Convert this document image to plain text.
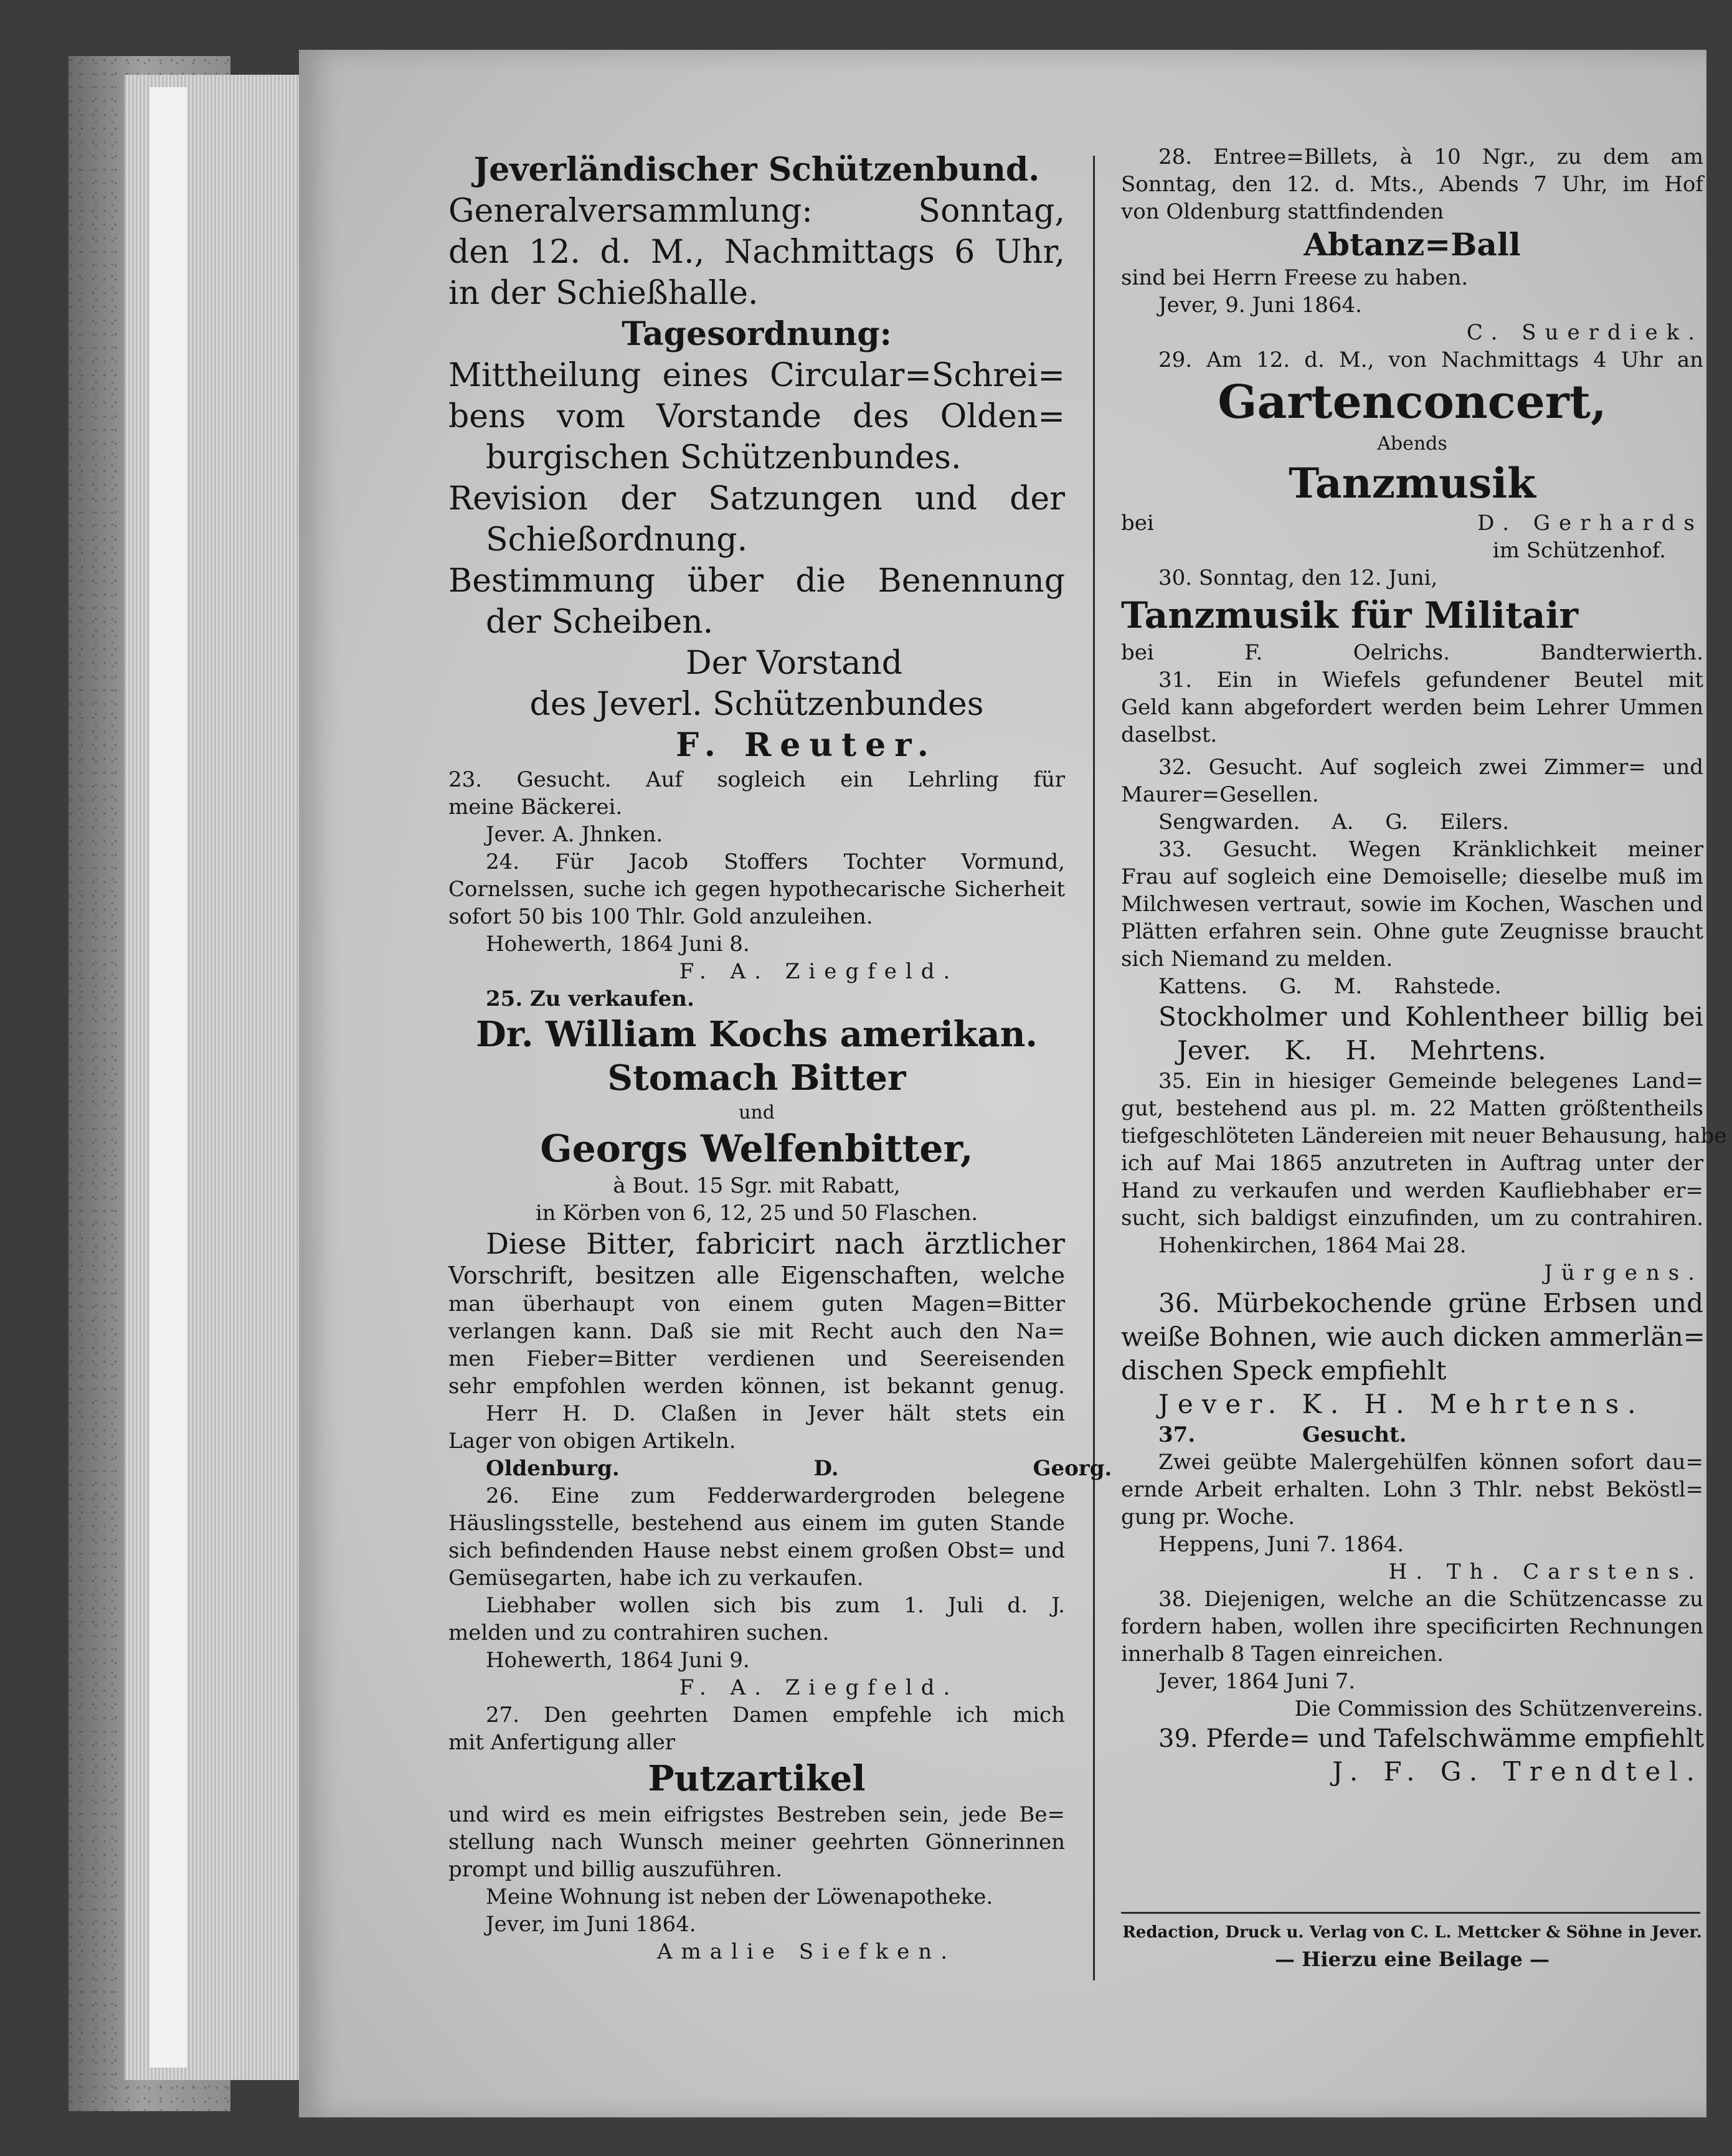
Jeverländischer Schützenbund.
Generalversammlung: Sonntag,
den 12. d. M., Nachmittags 6 Uhr,
in der Schießhalle.
Tagesordnung:
Mittheilung eines Circular=Schrei=
bens vom Vorstande des Olden=
burgischen Schützenbundes.
Revision der Satzungen und der
Schießordnung.
Bestimmung über die Benennung
der Scheiben.
Der Vorstand
des Jeverl. Schützenbundes
F. Reuter.
23. Gesucht. Auf sogleich ein Lehrling für
meine Bäckerei.
Jever. A. Jhnken.
24. Für Jacob Stoffers Tochter Vormund,
Cornelssen, suche ich gegen hypothecarische Sicherheit
sofort 50 bis 100 Thlr. Gold anzuleihen.
Hohewerth, 1864 Juni 8.
F. A. Ziegfeld.
25. Zu verkaufen.
Dr. William Kochs amerikan.
Stomach Bitter
und
Georgs Welfenbitter,
à Bout. 15 Sgr. mit Rabatt,
in Körben von 6, 12, 25 und 50 Flaschen.
Diese Bitter, fabricirt nach ärztlicher
Vorschrift, besitzen alle Eigenschaften, welche
man überhaupt von einem guten Magen=Bitter
verlangen kann. Daß sie mit Recht auch den Na=
men Fieber=Bitter verdienen und Seereisenden
sehr empfohlen werden können, ist bekannt genug.
Herr H. D. Claßen in Jever hält stets ein
Lager von obigen Artikeln.
Oldenburg. D. Georg.
26. Eine zum Fedderwardergroden belegene
Häuslingsstelle, bestehend aus einem im guten Stande
sich befindenden Hause nebst einem großen Obst= und
Gemüsegarten, habe ich zu verkaufen.
Liebhaber wollen sich bis zum 1. Juli d. J.
melden und zu contrahiren suchen.
Hohewerth, 1864 Juni 9.
F. A. Ziegfeld.
27. Den geehrten Damen empfehle ich mich
mit Anfertigung aller
Putzartikel
und wird es mein eifrigstes Bestreben sein, jede Be=
stellung nach Wunsch meiner geehrten Gönnerinnen
prompt und billig auszuführen.
Meine Wohnung ist neben der Löwenapotheke.
Jever, im Juni 1864.
Amalie Siefken.
28. Entree=Billets, à 10 Ngr., zu dem am
Sonntag, den 12. d. Mts., Abends 7 Uhr, im Hof
von Oldenburg stattfindenden
Abtanz=Ball
sind bei Herrn Freese zu haben.
Jever, 9. Juni 1864.
C. Suerdiek.
29. Am 12. d. M., von Nachmittags 4 Uhr an
Gartenconcert,
Abends
Tanzmusik
bei	D. Gerhards
im Schützenhof.
30. Sonntag, den 12. Juni,
Tanzmusik für Militair
bei F. Oelrichs. Bandterwierth.
31. Ein in Wiefels gefundener Beutel mit
Geld kann abgefordert werden beim Lehrer Ummen
daselbst.
32. Gesucht. Auf sogleich zwei Zimmer= und
Maurer=Gesellen.
Sengwarden. A. G. Eilers.
33. Gesucht. Wegen Kränklichkeit meiner
Frau auf sogleich eine Demoiselle; dieselbe muß im
Milchwesen vertraut, sowie im Kochen, Waschen und
Plätten erfahren sein. Ohne gute Zeugnisse braucht
sich Niemand zu melden.
Kattens. G. M. Rahstede.
Stockholmer und Kohlentheer billig bei
Jever. K. H. Mehrtens.
35. Ein in hiesiger Gemeinde belegenes Land=
gut, bestehend aus pl. m. 22 Matten größtentheils
tiefgeschlöteten Ländereien mit neuer Behausung, habe
ich auf Mai 1865 anzutreten in Auftrag unter der
Hand zu verkaufen und werden Kaufliebhaber er=
sucht, sich baldigst einzufinden, um zu contrahiren.
Hohenkirchen, 1864 Mai 28.
Jürgens.
36. Mürbekochende grüne Erbsen und
weiße Bohnen, wie auch dicken ammerlän=
dischen Speck empfiehlt
Jever. K. H. Mehrtens.
37. Gesucht.
Zwei geübte Malergehülfen können sofort dau=
ernde Arbeit erhalten. Lohn 3 Thlr. nebst Beköstl=
gung pr. Woche.
Heppens, Juni 7. 1864.
H. Th. Carstens.
38. Diejenigen, welche an die Schützencasse zu
fordern haben, wollen ihre specificirten Rechnungen
innerhalb 8 Tagen einreichen.
Jever, 1864 Juni 7.
Die Commission des Schützenvereins.
39. Pferde= und Tafelschwämme empfiehlt
J. F. G. Trendtel.
Redaction, Druck u. Verlag von C. L. Mettcker & Söhne in Jever.
— Hierzu eine Beilage —
